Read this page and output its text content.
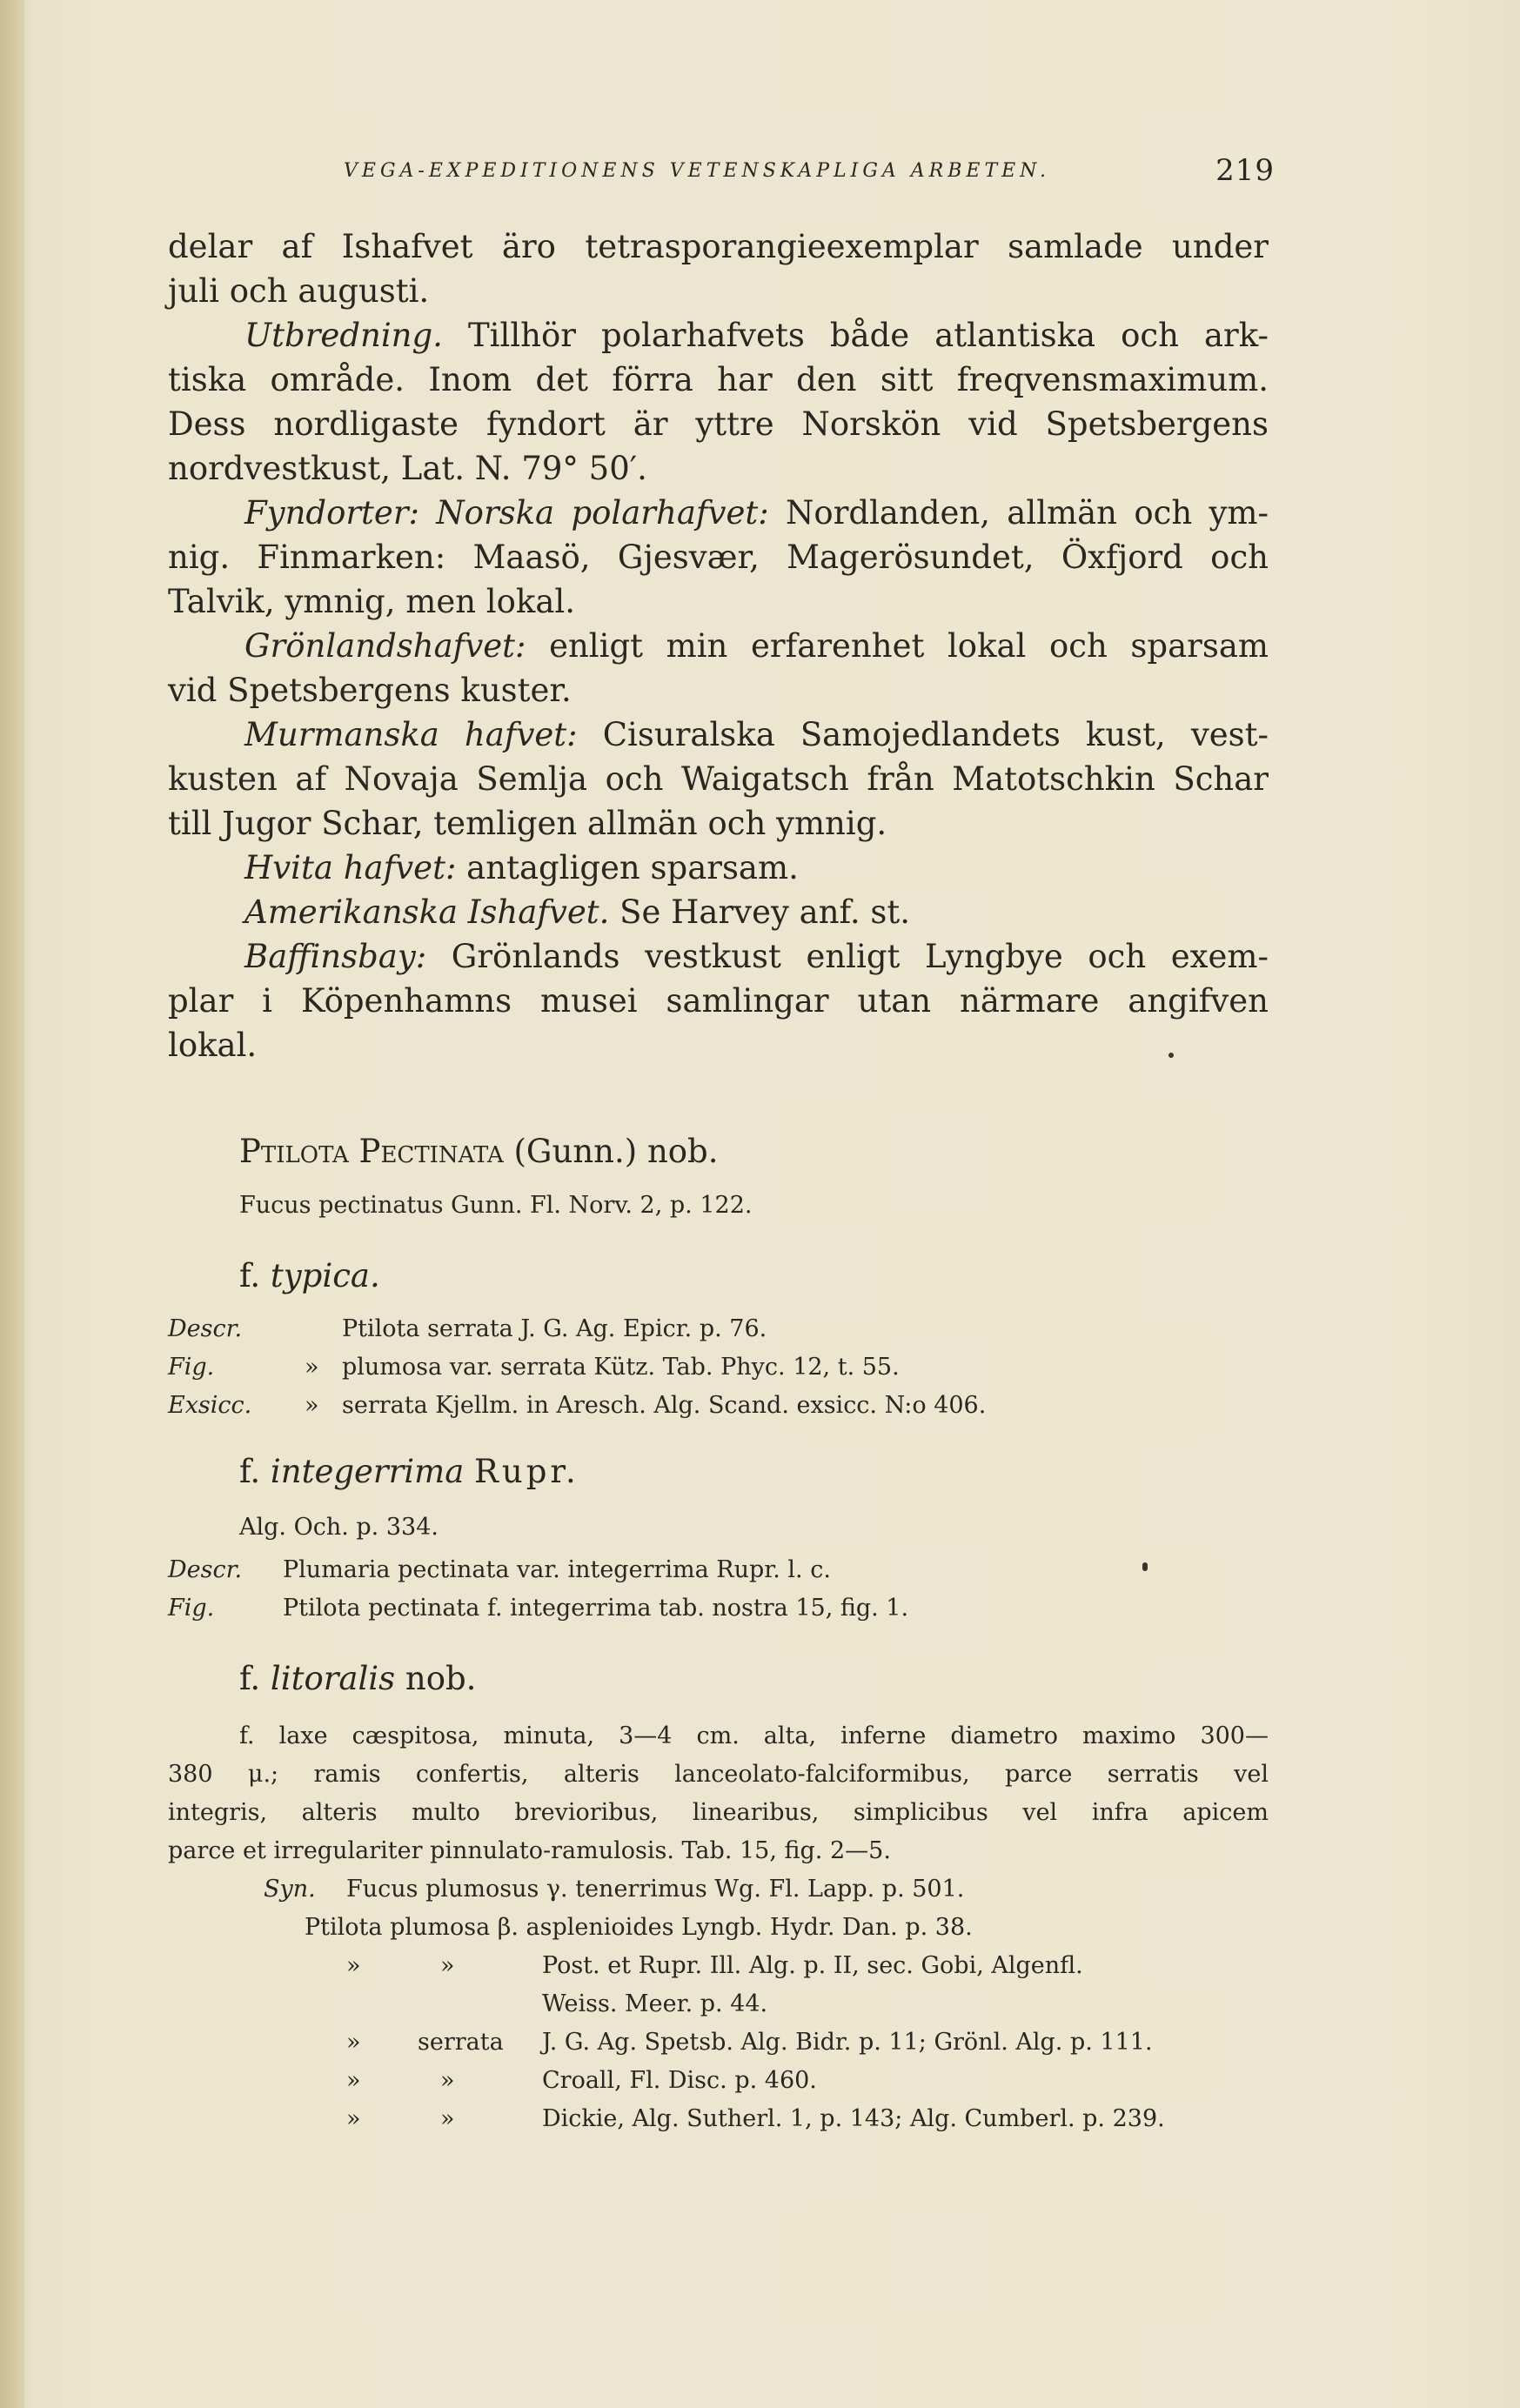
VEGA-EXPEDITIONENS VETENSKAPLIGA ARBETEN.	219
delar af Ishafvet äro tetrasporangieexemplar samlade under
juli och augusti.
Utbredning. Tillhör polarhafvets både atlantiska och ark-
tiska område. Inom det förra har den sitt freqvensmaximum.
Dess nordligaste fyndort är yttre Norskön vid Spetsbergens
nordvestkust, Lat. N. 79° 50′.
Fyndorter: Norska polarhafvet: Nordlanden, allmän och ym-
nig. Finmarken: Maasö, Gjesvær, Magerösundet, Öxfjord och
Talvik, ymnig, men lokal.
Grönlandshafvet: enligt min erfarenhet lokal och sparsam
vid Spetsbergens kuster.
Murmanska hafvet: Cisuralska Samojedlandets kust, vest-
kusten af Novaja Semlja och Waigatsch från Matotschkin Schar
till Jugor Schar, temligen allmän och ymnig.
Hvita hafvet: antagligen sparsam.
Amerikanska Ishafvet. Se Harvey anf. st.
Baffinsbay: Grönlands vestkust enligt Lyngbye och exem-
plar i Köpenhamns musei samlingar utan närmare angifven
lokal.
Ptilota Pectinata (Gunn.) nob.
Fucus pectinatus Gunn. Fl. Norv. 2, p. 122.
f. typica.
Descr.	Ptilota serrata J. G. Ag. Epicr. p. 76.
Fig.	» plumosa var. serrata Kütz. Tab. Phyc. 12, t. 55.
Exsicc. » serrata Kjellm. in Aresch. Alg. Scand. exsicc. N:o 406.
f. integerrima Rupr.
Alg. Och. p. 334.
Descr. Plumaria pectinata var. integerrima Rupr. l. c.
Fig.	Ptilota pectinata f. integerrima tab. nostra 15, fig. 1.
f. litoralis nob.
f. laxe cæspitosa, minuta, 3—4 cm. alta, inferne diametro maximo 300—
380 μ.; ramis confertis, alteris lanceolato-falciformibus, parce serratis vel
integris, alteris multo brevioribus, linearibus, simplicibus vel infra apicem
parce et irregulariter pinnulato-ramulosis. Tab. 15, fig. 2—5.
Syn. Fucus plumosus γ. tenerrimus Wg. Fl. Lapp. p. 501.
Ptilota plumosa β. asplenioides Lyngb. Hydr. Dan. p. 38.
»	»	Post. et Rupr. Ill. Alg. p. II, sec. Gobi, Algenfl.
Weiss. Meer. p. 44.
» serrata J. G. Ag. Spetsb. Alg. Bidr. p. 11; Grönl. Alg. p. 111.
»	»	Croall, Fl. Disc. p. 460.
»	»	Dickie, Alg. Sutherl. 1, p. 143; Alg. Cumberl. p. 239.
